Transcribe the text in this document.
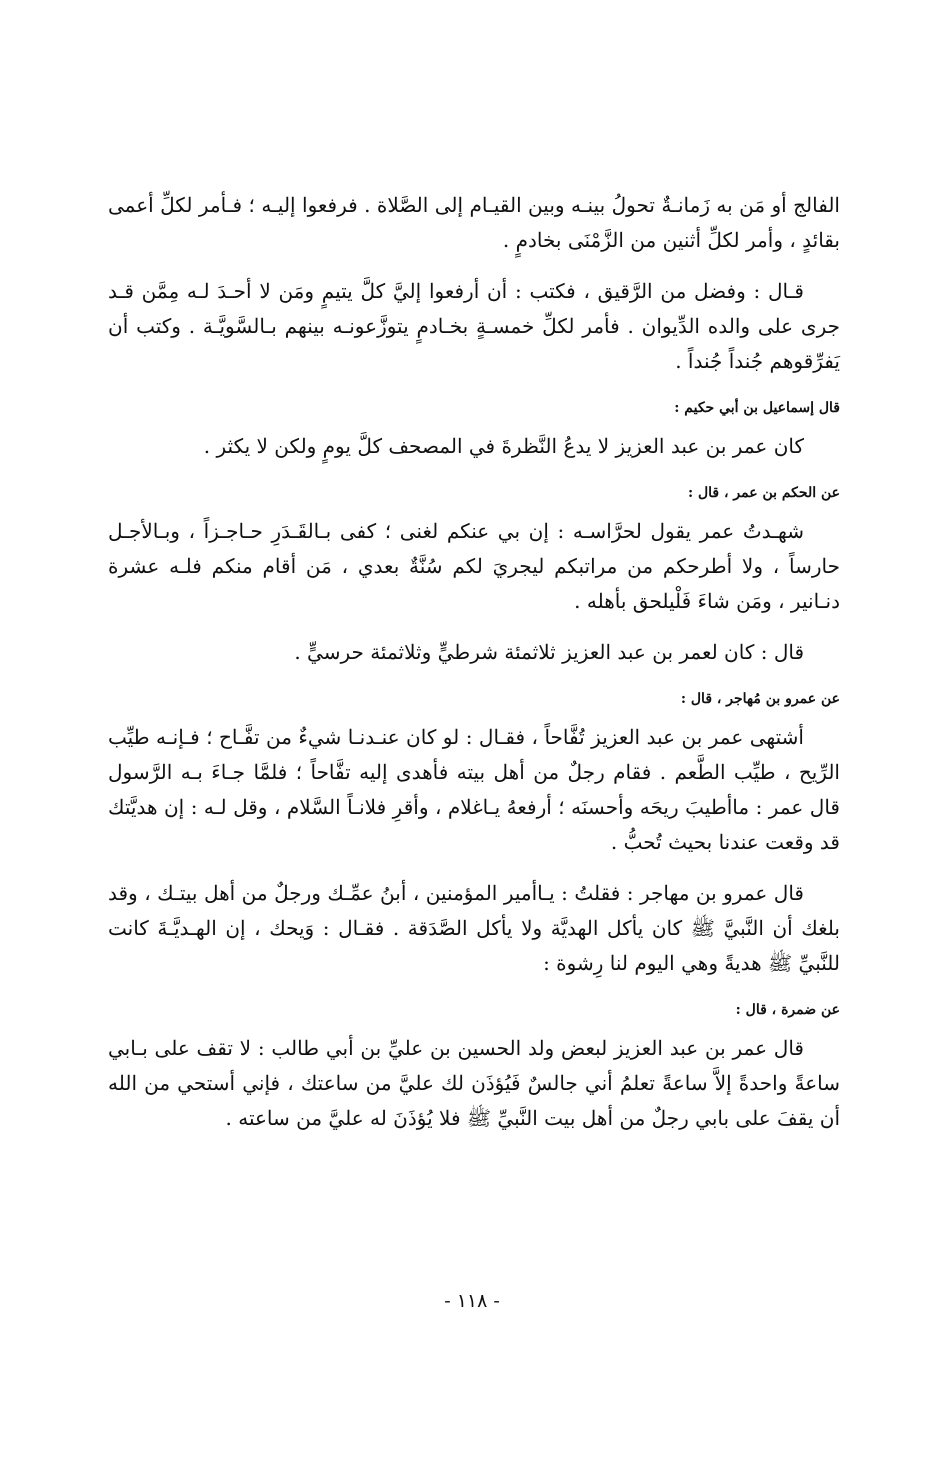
الفالج أو مَن به زَمانـةٌ تحولُ بينـه وبين القيـام إلى الصَّلاة . فرفعوا إليـه ؛ فـأمر لكلِّ أعمى بقائدٍ ، وأمر لكلِّ أثنين من الزَّمْنَى بخادمٍ .

قـال : وفضل من الرَّقيق ، فكتب : أن أرفعوا إليَّ كلَّ يتيمٍ ومَن لا أحـدَ لـه مِمَّن قـد جرى على والده الدِّيوان . فأمر لكلِّ خمسـةٍ بخـادمٍ يتوزَّعونـه بينهم بـالسَّويَّـة . وكتب أن يَفرِّقوهم جُنداً جُنداً .

قال إسماعيل بن أبي حكيم :

كان عمر بن عبد العزيز لا يدعُ النَّظرةَ في المصحف كلَّ يومٍ ولكن لا يكثر .

عن الحكم بن عمر ، قال :

شهـدتُ عمر يقول لحرَّاسـه : إن بي عنكم لغنى ؛ كفى بـالقَـدَرِ حـاجـزاً ، وبـالأجـل حارساً ، ولا أطرحكم من مراتبكم ليجريَ لكم سُنَّةٌ بعدي ، مَن أقام منكم فلـه عشرة دنـانير ، ومَن شاءَ فَلْيلحق بأهله .

قال : كان لعمر بن عبد العزيز ثلاثمئة شرطيٍّ وثلاثمئة حرسيٍّ .

عن عمرو بن مُهاجر ، قال :

أشتهى عمر بن عبد العزيز تُفَّاحاً ، فقـال : لو كان عنـدنـا شيءٌ من تفَّـاح ؛ فـإنـه طيِّب الرِّيح ، طيِّب الطَّعم . فقام رجلٌ من أهل بيته فأهدى إليه تفَّاحاً ؛ فلمَّا جـاءَ بـه الرَّسول قال عمر : ماأطيبَ ريحَه وأحسنَه ؛ أرفعهُ يـاغلام ، وأقرِ فلانـاً السَّلام ، وقل لـه : إن هديَّتك قد وقعت عندنا بحيث تُحبُّ .

قال عمرو بن مهاجر : فقلتُ : يـاأمير المؤمنين ، أبنُ عمِّـك ورجلٌ من أهل بيتـك ، وقد بلغك أن النَّبيَّ ﷺ كان يأكل الهديَّة ولا يأكل الصَّدَقة . فقـال : وَيحك ، إن الهـديَّـةَ كانت للنَّبيِّ ﷺ هديةً وهي اليوم لنا رِشوة :

عن ضمرة ، قال :

قال عمر بن عبد العزيز لبعض ولد الحسين بن عليِّ بن أبي طالب : لا تقف على بـابي ساعةً واحدةً إلاَّ ساعةً تعلمُ أني جالسٌ فَيُؤذَن لك عليَّ من ساعتك ، فإني أستحي من الله أن يقفَ على بابي رجلٌ من أهل بيت النَّبيِّ ﷺ فلا يُؤذَنَ له عليَّ من ساعته .

- ١١٨ -
